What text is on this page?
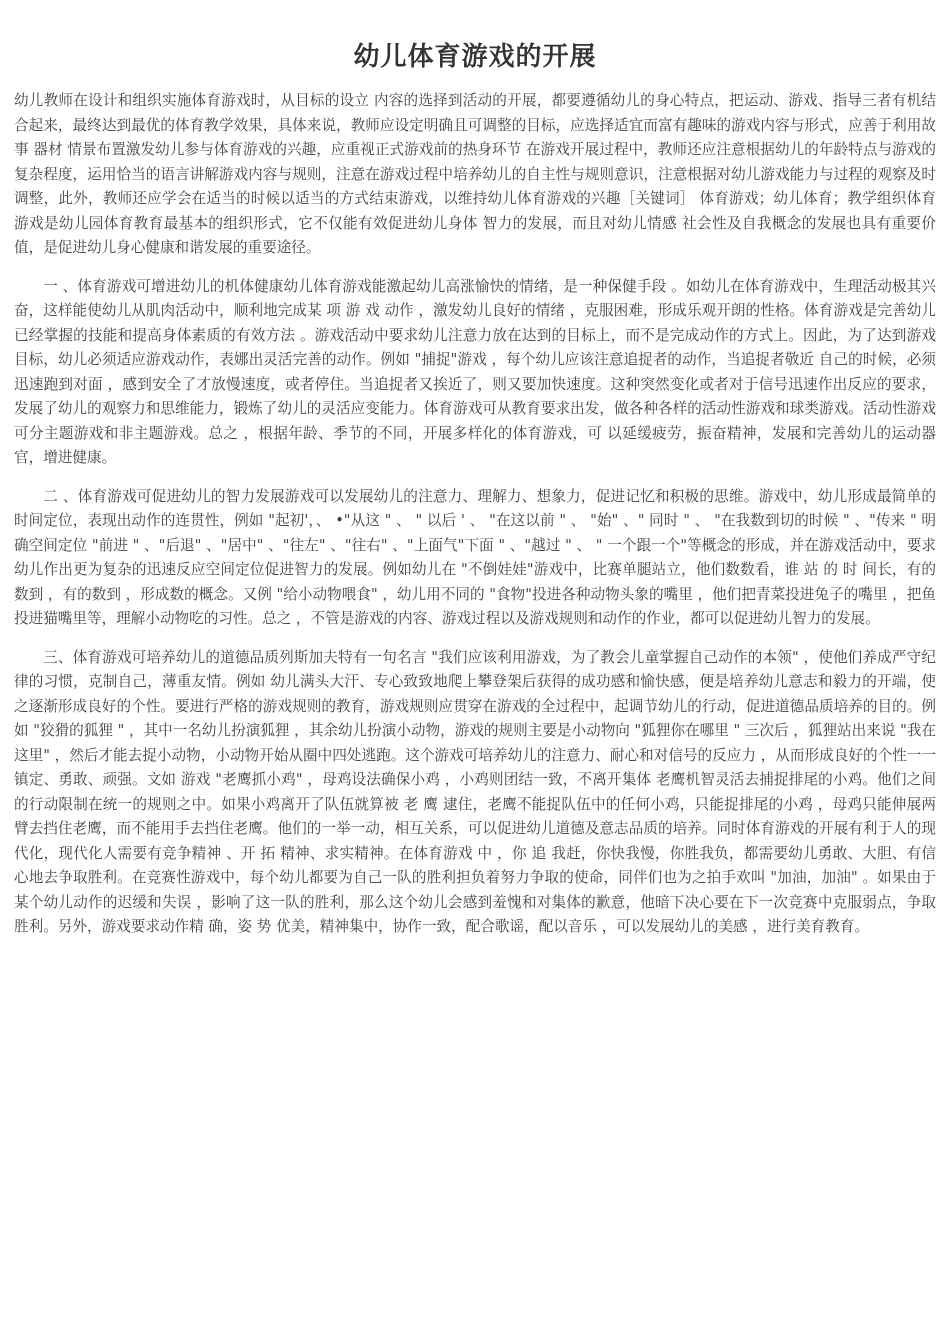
幼儿体育游戏的开展

幼儿教师在设计和组织实施体育游戏时，从目标的设立 内容的选择到活动的开展，都要遵循幼儿的身心特点，把运动、游戏、指导三者有机结合起来，最终达到最优的体育教学效果，具体来说，教师应设定明确且可调整的目标，应选择适宜而富有趣味的游戏内容与形式，应善于利用故事 器材 情景布置激发幼儿参与体育游戏的兴趣，应重视正式游戏前的热身环节 在游戏开展过程中，教师还应注意根据幼儿的年龄特点与游戏的复杂程度，运用恰当的语言讲解游戏内容与规则，注意在游戏过程中培养幼儿的自主性与规则意识，注意根据对幼儿游戏能力与过程的观察及时调整，此外，教师还应学会在适当的时候以适当的方式结束游戏，以维持幼儿体育游戏的兴趣［关键词］ 体育游戏；幼儿体育；教学组织体育游戏是幼儿园体育教育最基本的组织形式，它不仅能有效促进幼儿身体 智力的发展，而且对幼儿情感 社会性及自我概念的发展也具有重要价值，是促进幼儿身心健康和谐发展的重要途径。

一 、体育游戏可增进幼儿的机体健康幼儿体育游戏能激起幼儿高涨愉快的情绪，是一种保健手段 。如幼儿在体育游戏中，生理活动极其兴奋，这样能使幼儿从肌肉活动中，顺利地完成某 项 游 戏 动作 ，激发幼儿良好的情绪 ，克服困难，形成乐观开朗的性格。体育游戏是完善幼儿已经掌握的技能和提高身体素质的有效方法 。游戏活动中要求幼儿注意力放在达到的目标上，而不是完成动作的方式上。因此，为了达到游戏目标，幼儿必须适应游戏动作，表娜出灵活完善的动作。例如 "捕捉"游戏 ，每个幼儿应该注意追捉者的动作，当追捉者敬近 自己的时候，必须迅速跑到对面 ，感到安全了才放慢速度，或者停住。当追捉者又挨近了，则又要加快速度。这种突然变化或者对于信号迅速作出反应的要求，发展了幼儿的观察力和思维能力，锻炼了幼儿的灵活应变能力。体育游戏可从教育要求出发，做各种各样的活动性游戏和球类游戏。活动性游戏可分主题游戏和非主题游戏。总之 ，根据年龄、季节的不同，开展多样化的体育游戏，可 以延缓疲劳，振奋精神，发展和完善幼儿的运动器官，增进健康。

二 、体育游戏可促进幼儿的智力发展游戏可以发展幼儿的注意力、理解力、想象力，促进记忆和积极的思维。游戏中，幼儿形成最简单的时间定位，表现出动作的连贯性，例如 "起初'，、 •"从这 " 、 " 以后 ' 、 "在这以前 " 、 "始" 、" 同时 " 、 "在我数到切的时候 " 、"传来 " 明确空间定位 "前进 " 、"后退" 、"居中" 、"往左" 、"往右" 、"上面气"下面 " 、"越过 " 、 " 一个跟一个"等概念的形成，并在游戏活动中，要求幼儿作出更为复杂的迅速反应空间定位促进智力的发展。例如幼儿在 "不倒娃娃"游戏中，比赛单腿站立，他们数数看，谁 站 的 时 间长，有的数到 ，有的数到 ，形成数的概念。又例 "给小动物喂食" ，幼儿用不同的 "食物"投进各种动物头象的嘴里 ，他们把青菜投进兔子的嘴里 ，把鱼投进猫嘴里等，理解小动物吃的习性。总之 ，不管是游戏的内容、游戏过程以及游戏规则和动作的作业，都可以促进幼儿智力的发展。

三、体育游戏可培养幼儿的道德品质列斯加夫特有一句名言 "我们应该利用游戏，为了教会儿童掌握自己动作的本领" ，使他们养成严守纪律的习惯，克制自己，薄重友情。例如 幼儿满头大汗、专心致致地爬上攀登架后获得的成功感和愉快感，便是培养幼儿意志和毅力的开端，使之逐渐形成良好的个性。要进行严格的游戏规则的教育，游戏规则应贯穿在游戏的全过程中，起调节幼儿的行动，促进道德品质培养的目的。例如 "狡猾的狐狸 " ，其中一名幼儿扮演狐狸 ，其余幼儿扮演小动物，游戏的规则主要是小动物向 "狐狸你在哪里 " 三次后 ，狐狸站出来说 "我在这里" ，然后才能去捉小动物，小动物开始从圈中四处逃跑。这个游戏可培养幼儿的注意力、耐心和对信号的反应力 ，从而形成良好的个性一一镇定、勇敢、顽强。文如 游戏 "老鹰抓小鸡" ，母鸡设法确保小鸡 ，小鸡则团结一致，不离开集体 老鹰机智灵活去捕捉排尾的小鸡。他们之间的行动限制在统一的规则之中。如果小鸡离开了队伍就算被 老 鹰 逮住，老鹰不能捉队伍中的任何小鸡，只能捉排尾的小鸡 ，母鸡只能伸展两臂去挡住老鹰，而不能用手去挡住老鹰。他们的一举一动，相互关系，可以促进幼儿道德及意志品质的培养。同时体育游戏的开展有利于人的现代化，现代化人需要有竞争精神 、开 拓 精神、求实精神。在体育游戏 中 ，你 追 我赶，你快我慢，你胜我负，都需要幼儿勇敢、大胆、有信心地去争取胜利。在竞赛性游戏中，每个幼儿都要为自己一队的胜利担负着努力争取的使命，同伴们也为之拍手欢叫 "加油，加油" 。如果由于某个幼儿动作的迟缓和失误 ，影响了这一队的胜利，那么这个幼儿会感到羞愧和对集体的歉意，他暗下决心要在下一次竞赛中克服弱点，争取胜利。另外，游戏要求动作精 确，姿 势 优美，精神集中，协作一致，配合歌谣，配以音乐 ，可以发展幼儿的美感 ，进行美育教育。
